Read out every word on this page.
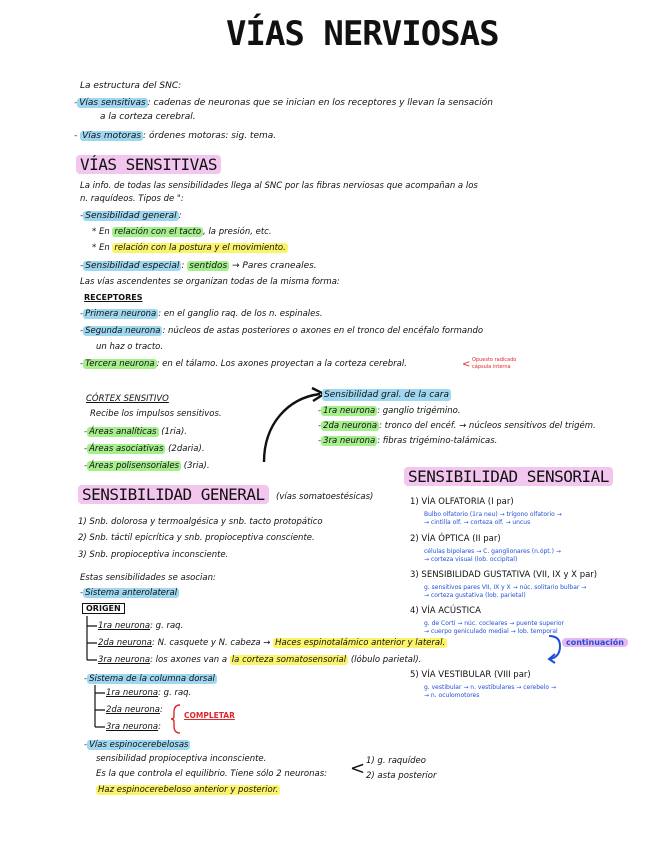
VÍAS NERVIOSAS
La estructura del SNC:
- Vías sensitivas : cadenas de neuronas que se inician en los receptores y llevan la sensación
a la corteza cerebral.
- Vías motoras : órdenes motoras: sig. tema.
VÍAS SENSITIVAS
La info. de todas las sensibilidades llega al SNC por las fibras nerviosas que acompañan a los
n. raquídeos. Tipos de ":
- Sensibilidad general :
* En relación con el tacto , la presión, etc.
* En relación con la postura y el movimiento.
- Sensibilidad especial : sentidos → Pares craneales.
Las vías ascendentes se organizan todas de la misma forma:
RECEPTORES
- Primera neurona : en el ganglio raq. de los n. espinales.
- Segunda neurona : núcleos de astas posteriores o axones en el tronco del encéfalo formando
un haz o tracto.
- Tercera neurona : en el tálamo. Los axones proyectan a la corteza cerebral.	< Opuesto radicado
cápsula interna
CÓRTEX SENSITIVO
Recibe los impulsos sensitivos.
- Áreas analíticas (1ria).
- Áreas asociativas (2daria).
- Áreas polisensoriales (3ria).
Sensibilidad gral. de la cara
- 1ra neurona : ganglio trigémino.
- 2da neurona : tronco del encéf. → núcleos sensitivos del trigém.
- 3ra neurona : fibras trigémino-talámicas.
SENSIBILIDAD GENERAL	(vías somatoestésicas)
1) Snb. dolorosa y termoalgésica y snb. tacto protopático
2) Snb. táctil epicrítica y snb. propioceptiva consciente.
3) Snb. propioceptiva inconsciente.
Estas sensibilidades se asocian:
- Sistema anterolateral
ORIGEN
1ra neurona: g. raq.
2da neurona: N. casquete y N. cabeza → Haces espinotalámico anterior y lateral.
3ra neurona: los axones van a la corteza somatosensorial (lóbulo parietal).
- Sistema de la columna dorsal
1ra neurona: g. raq.
2da neurona:
3ra neurona:
COMPLETAR
- Vías espinocerebelosas
sensibilidad propioceptiva inconsciente.
Es la que controla el equilibrio. Tiene sólo 2 neuronas: < 1) g. raquídeo
2) asta posterior
Haz espinocerebeloso anterior y posterior.
SENSIBILIDAD SENSORIAL
1) VÍA OLFATORIA (I par)
Bulbo olfatorio (1ra neu) → trígono olfatorio →
→ cintilla olf. → corteza olf. → uncus
2) VÍA ÓPTICA (II par)
células bipolares → C. ganglionares (n.ópt.) →
→ corteza visual (lob. occipital)
3) SENSIBILIDAD GUSTATIVA (VII, IX y X par)
g. sensitivos pares VII, IX y X → núc. solitario bulbar →
→ corteza gustativa (lob. parietal)
4) VÍA ACÚSTICA
g. de Corti → núc. cocleares → puente superior
→ cuerpo geniculado medial → lob. temporal
continuación
5) VÍA VESTIBULAR (VIII par)
g. vestibular → n. vestibulares → cerebelo →
→ n. oculomotores
